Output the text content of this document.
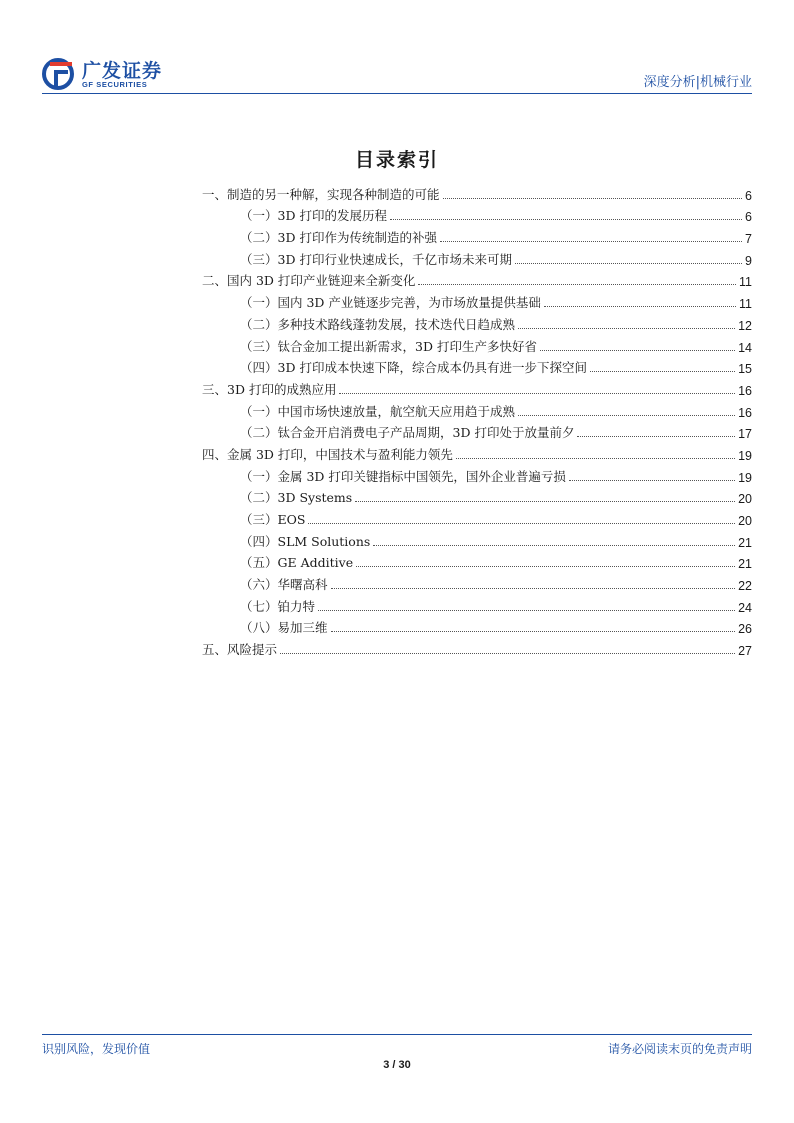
广发证券
GF SECURITIES	深度分析|机械行业
目录索引
一、制造的另一种解，实现各种制造的可能	6
（一）3D 打印的发展历程	6
（二）3D 打印作为传统制造的补强	7
（三）3D 打印行业快速成长，千亿市场未来可期	9
二、国内 3D 打印产业链迎来全新变化	11
（一）国内 3D 产业链逐步完善，为市场放量提供基础	11
（二）多种技术路线蓬勃发展，技术迭代日趋成熟	12
（三）钛合金加工提出新需求，3D 打印生产多快好省	14
（四）3D 打印成本快速下降，综合成本仍具有进一步下探空间	15
三、3D 打印的成熟应用	16
（一）中国市场快速放量，航空航天应用趋于成熟	16
（二）钛合金开启消费电子产品周期，3D 打印处于放量前夕	17
四、金属 3D 打印，中国技术与盈利能力领先	19
（一）金属 3D 打印关键指标中国领先，国外企业普遍亏损	19
（二）3D Systems	20
（三）EOS	20
（四）SLM Solutions	21
（五）GE Additive	21
（六）华曙高科	22
（七）铂力特	24
（八）易加三维	26
五、风险提示	27
识别风险，发现价值	请务必阅读末页的免责声明
3 / 30
